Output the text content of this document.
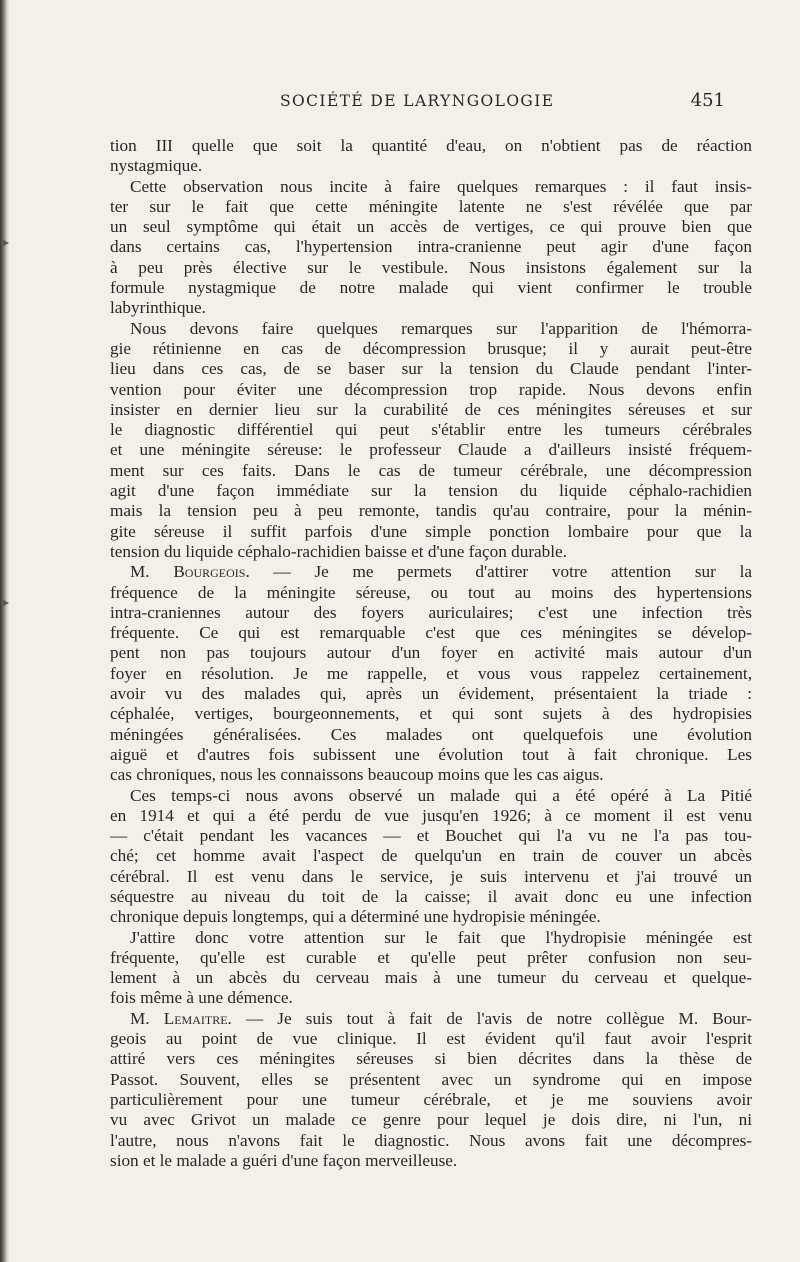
SOCIÉTÉ DE LARYNGOLOGIE	451
tion III quelle que soit la quantité d'eau, on n'obtient pas de réaction
nystagmique.
Cette observation nous incite à faire quelques remarques : il faut insis-
ter sur le fait que cette méningite latente ne s'est révélée que par
un seul symptôme qui était un accès de vertiges, ce qui prouve bien que
dans certains cas, l'hypertension intra-cranienne peut agir d'une façon
à peu près élective sur le vestibule. Nous insistons également sur la
formule nystagmique de notre malade qui vient confirmer le trouble
labyrinthique.
Nous devons faire quelques remarques sur l'apparition de l'hémorra-
gie rétinienne en cas de décompression brusque; il y aurait peut-être
lieu dans ces cas, de se baser sur la tension du Claude pendant l'inter-
vention pour éviter une décompression trop rapide. Nous devons enfin
insister en dernier lieu sur la curabilité de ces méningites séreuses et sur
le diagnostic différentiel qui peut s'établir entre les tumeurs cérébrales
et une méningite séreuse: le professeur Claude a d'ailleurs insisté fréquem-
ment sur ces faits. Dans le cas de tumeur cérébrale, une décompression
agit d'une façon immédiate sur la tension du liquide céphalo-rachidien
mais la tension peu à peu remonte, tandis qu'au contraire, pour la ménin-
gite séreuse il suffit parfois d'une simple ponction lombaire pour que la
tension du liquide céphalo-rachidien baisse et d'une façon durable.
M. Bourgeois. — Je me permets d'attirer votre attention sur la
fréquence de la méningite séreuse, ou tout au moins des hypertensions
intra-craniennes autour des foyers auriculaires; c'est une infection très
fréquente. Ce qui est remarquable c'est que ces méningites se dévelop-
pent non pas toujours autour d'un foyer en activité mais autour d'un
foyer en résolution. Je me rappelle, et vous vous rappelez certainement,
avoir vu des malades qui, après un évidement, présentaient la triade :
céphalée, vertiges, bourgeonnements, et qui sont sujets à des hydropisies
méningées généralisées. Ces malades ont quelquefois une évolution
aiguë et d'autres fois subissent une évolution tout à fait chronique. Les
cas chroniques, nous les connaissons beaucoup moins que les cas aigus.
Ces temps-ci nous avons observé un malade qui a été opéré à La Pitié
en 1914 et qui a été perdu de vue jusqu'en 1926; à ce moment il est venu
— c'était pendant les vacances — et Bouchet qui l'a vu ne l'a pas tou-
ché; cet homme avait l'aspect de quelqu'un en train de couver un abcès
cérébral. Il est venu dans le service, je suis intervenu et j'ai trouvé un
séquestre au niveau du toit de la caisse; il avait donc eu une infection
chronique depuis longtemps, qui a déterminé une hydropisie méningée.
J'attire donc votre attention sur le fait que l'hydropisie méningée est
fréquente, qu'elle est curable et qu'elle peut prêter confusion non seu-
lement à un abcès du cerveau mais à une tumeur du cerveau et quelque-
fois même à une démence.
M. Lemaitre. — Je suis tout à fait de l'avis de notre collègue M. Bour-
geois au point de vue clinique. Il est évident qu'il faut avoir l'esprit
attiré vers ces méningites séreuses si bien décrites dans la thèse de
Passot. Souvent, elles se présentent avec un syndrome qui en impose
particulièrement pour une tumeur cérébrale, et je me souviens avoir
vu avec Grivot un malade ce genre pour lequel je dois dire, ni l'un, ni
l'autre, nous n'avons fait le diagnostic. Nous avons fait une décompres-
sion et le malade a guéri d'une façon merveilleuse.
